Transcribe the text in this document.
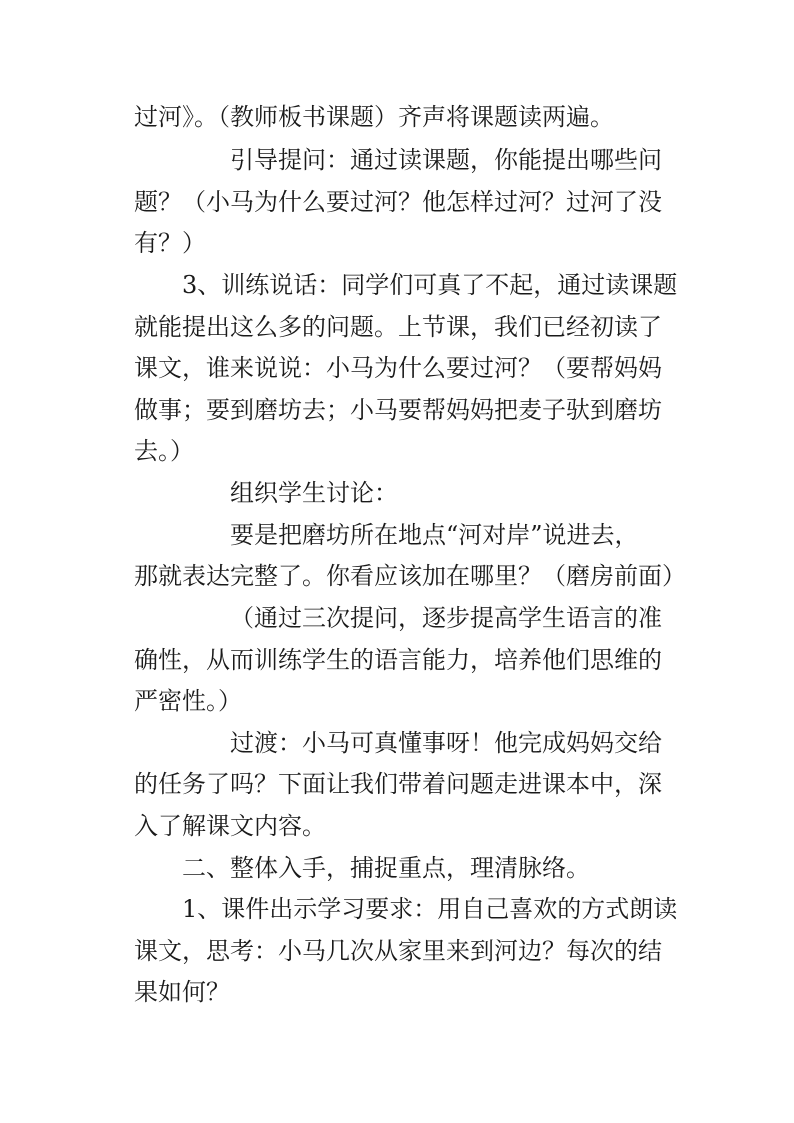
过河》。（教师板书课题）齐声将课题读两遍。
引导提问：通过读课题，你能提出哪些问
题？（小马为什么要过河？他怎样过河？过河了没
有？）
3、训练说话：同学们可真了不起，通过读课题
就能提出这么多的问题。上节课，我们已经初读了
课文，谁来说说：小马为什么要过河？（要帮妈妈
做事；要到磨坊去；小马要帮妈妈把麦子驮到磨坊
去。）
组织学生讨论：
要是把磨坊所在地点“河对岸”说进去，
那就表达完整了。你看应该加在哪里？（磨房前面）
（通过三次提问，逐步提高学生语言的准
确性，从而训练学生的语言能力，培养他们思维的
严密性。）
过渡：小马可真懂事呀！他完成妈妈交给
的任务了吗？下面让我们带着问题走进课本中，深
入了解课文内容。
二、整体入手，捕捉重点，理清脉络。
1、课件出示学习要求：用自己喜欢的方式朗读
课文，思考：小马几次从家里来到河边？每次的结
果如何？
